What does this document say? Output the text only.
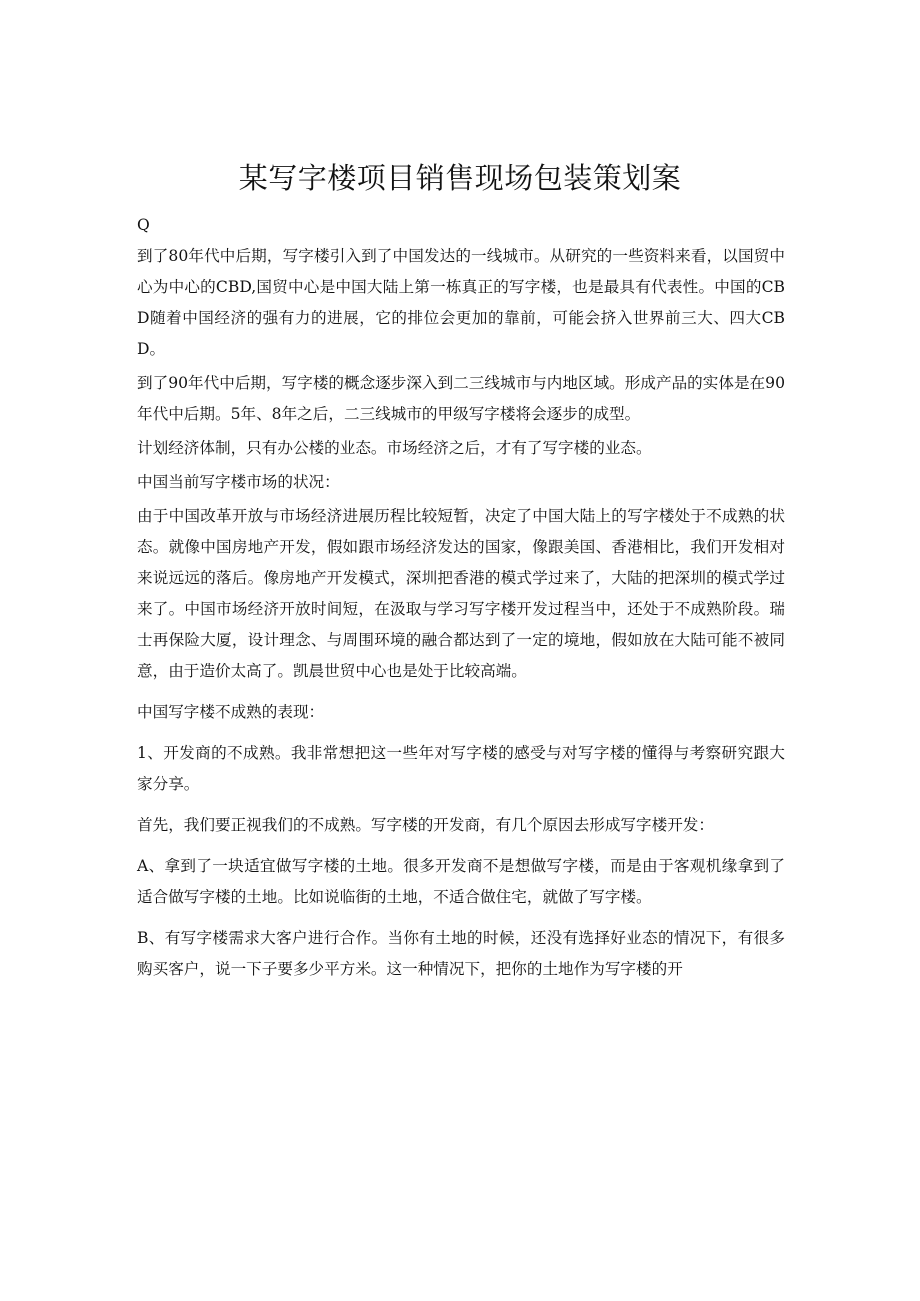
某写字楼项目销售现场包装策划案

Q

到了80年代中后期，写字楼引入到了中国发达的一线城市。从研究的一些资料来看，以国贸中心为中心的CBD,国贸中心是中国大陆上第一栋真正的写字楼，也是最具有代表性。中国的CBD随着中国经济的强有力的进展，它的排位会更加的靠前，可能会挤入世界前三大、四大CBD。

到了90年代中后期，写字楼的概念逐步深入到二三线城市与内地区域。形成产品的实体是在90年代中后期。5年、8年之后，二三线城市的甲级写字楼将会逐步的成型。

计划经济体制，只有办公楼的业态。市场经济之后，才有了写字楼的业态。

中国当前写字楼市场的状况：

由于中国改革开放与市场经济进展历程比较短暂，决定了中国大陆上的写字楼处于不成熟的状态。就像中国房地产开发，假如跟市场经济发达的国家，像跟美国、香港相比，我们开发相对来说远远的落后。像房地产开发模式，深圳把香港的模式学过来了，大陆的把深圳的模式学过来了。中国市场经济开放时间短，在汲取与学习写字楼开发过程当中，还处于不成熟阶段。瑞士再保险大厦，设计理念、与周围环境的融合都达到了一定的境地，假如放在大陆可能不被同意，由于造价太高了。凯晨世贸中心也是处于比较高端。

中国写字楼不成熟的表现：

1、开发商的不成熟。我非常想把这一些年对写字楼的感受与对写字楼的懂得与考察研究跟大家分享。

首先，我们要正视我们的不成熟。写字楼的开发商，有几个原因去形成写字楼开发：

A、拿到了一块适宜做写字楼的土地。很多开发商不是想做写字楼，而是由于客观机缘拿到了适合做写字楼的土地。比如说临街的土地，不适合做住宅，就做了写字楼。

B、有写字楼需求大客户进行合作。当你有土地的时候，还没有选择好业态的情况下，有很多购买客户，说一下子要多少平方米。这一种情况下，把你的土地作为写字楼的开
